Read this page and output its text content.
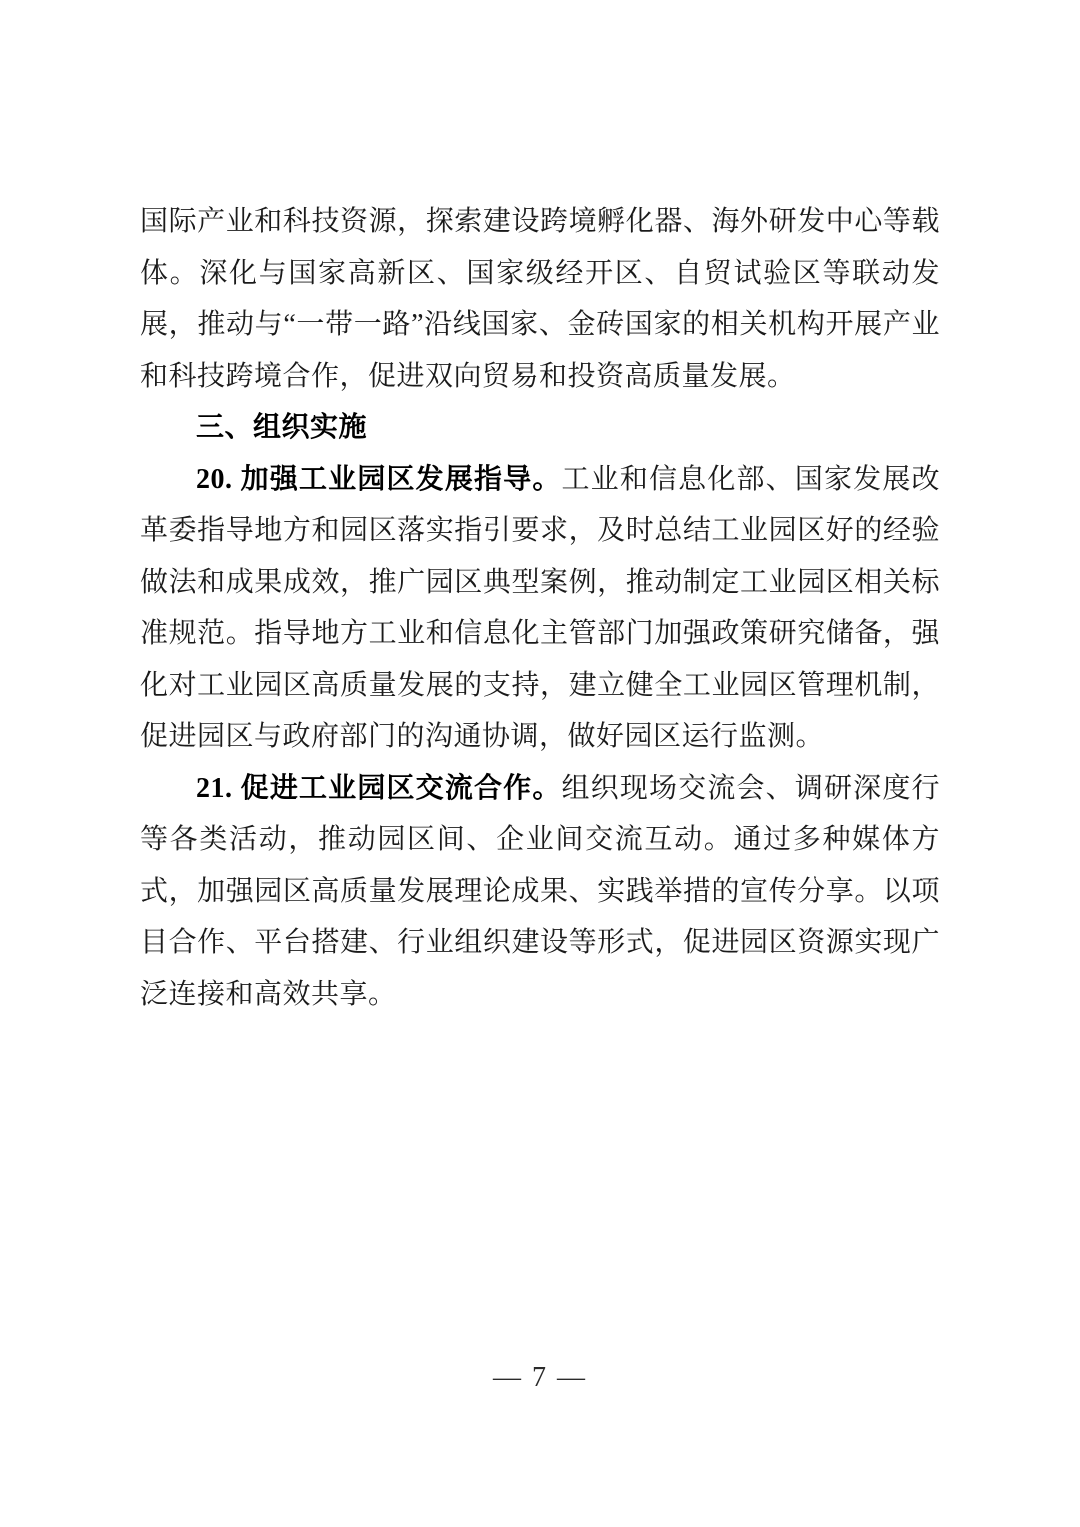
国际产业和科技资源，探索建设跨境孵化器、海外研发中心等载体。深化与国家高新区、国家级经开区、自贸试验区等联动发展，推动与“一带一路”沿线国家、金砖国家的相关机构开展产业和科技跨境合作，促进双向贸易和投资高质量发展。

三、组织实施

20. 加强工业园区发展指导。工业和信息化部、国家发展改革委指导地方和园区落实指引要求，及时总结工业园区好的经验做法和成果成效，推广园区典型案例，推动制定工业园区相关标准规范。指导地方工业和信息化主管部门加强政策研究储备，强化对工业园区高质量发展的支持，建立健全工业园区管理机制，促进园区与政府部门的沟通协调，做好园区运行监测。

21. 促进工业园区交流合作。组织现场交流会、调研深度行等各类活动，推动园区间、企业间交流互动。通过多种媒体方式，加强园区高质量发展理论成果、实践举措的宣传分享。以项目合作、平台搭建、行业组织建设等形式，促进园区资源实现广泛连接和高效共享。

— 7 —
